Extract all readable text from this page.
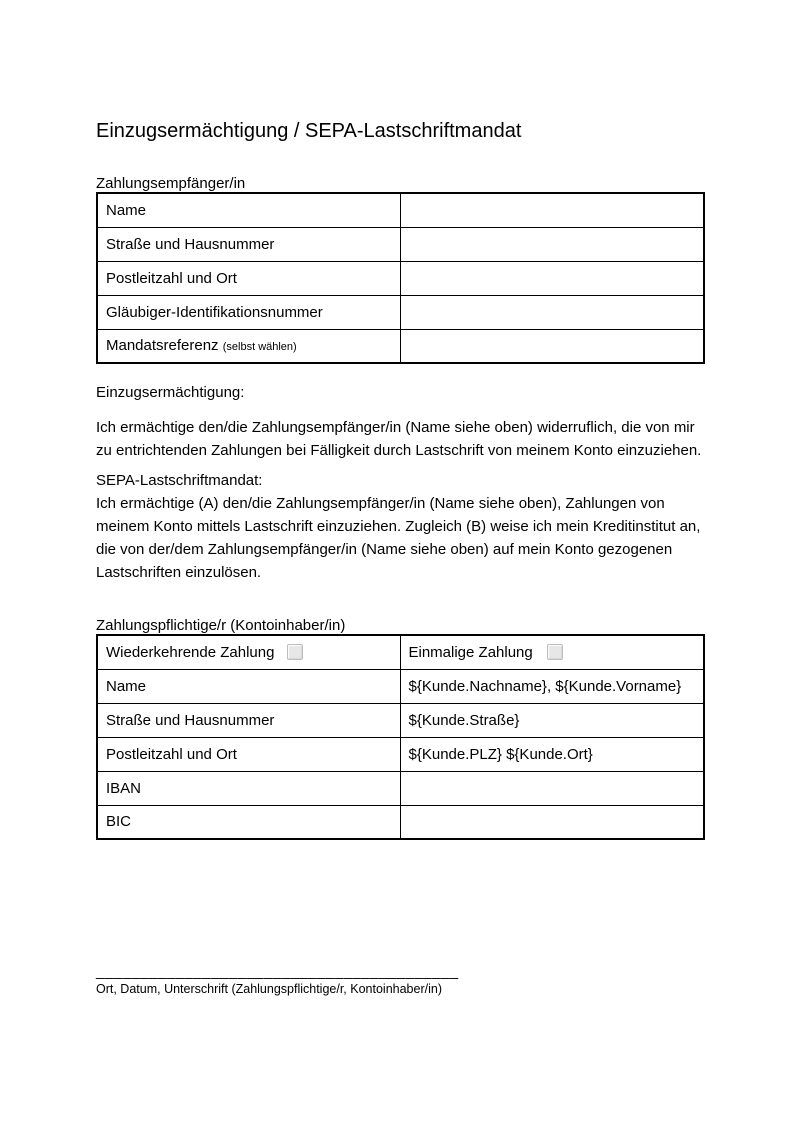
Einzugsermächtigung / SEPA-Lastschriftmandat
Zahlungsempfänger/in
Name	
Straße und Hausnummer	
Postleitzahl und Ort	
Gläubiger-Identifikationsnummer	
Mandatsreferenz (selbst wählen)	
Einzugsermächtigung:

Ich ermächtige den/die Zahlungsempfänger/in (Name siehe oben) widerruflich, die von mir zu entrichtenden Zahlungen bei Fälligkeit durch Lastschrift von meinem Konto einzuziehen.

SEPA-Lastschriftmandat:

Ich ermächtige (A) den/die Zahlungsempfänger/in (Name siehe oben), Zahlungen von meinem Konto mittels Lastschrift einzuziehen. Zugleich (B) weise ich mein Kreditinstitut an, die von der/dem Zahlungsempfänger/in (Name siehe oben) auf mein Konto gezogenen Lastschriften einzulösen.

Zahlungspflichtige/r (Kontoinhaber/in)
Wiederkehrende Zahlung	Einmalige Zahlung
Name	${Kunde.Nachname}, ${Kunde.Vorname}
Straße und Hausnummer	${Kunde.Straße}
Postleitzahl und Ort	${Kunde.PLZ} ${Kunde.Ort}
IBAN	
BIC	
_________________________________________
Ort, Datum, Unterschrift (Zahlungspflichtige/r, Kontoinhaber/in)
